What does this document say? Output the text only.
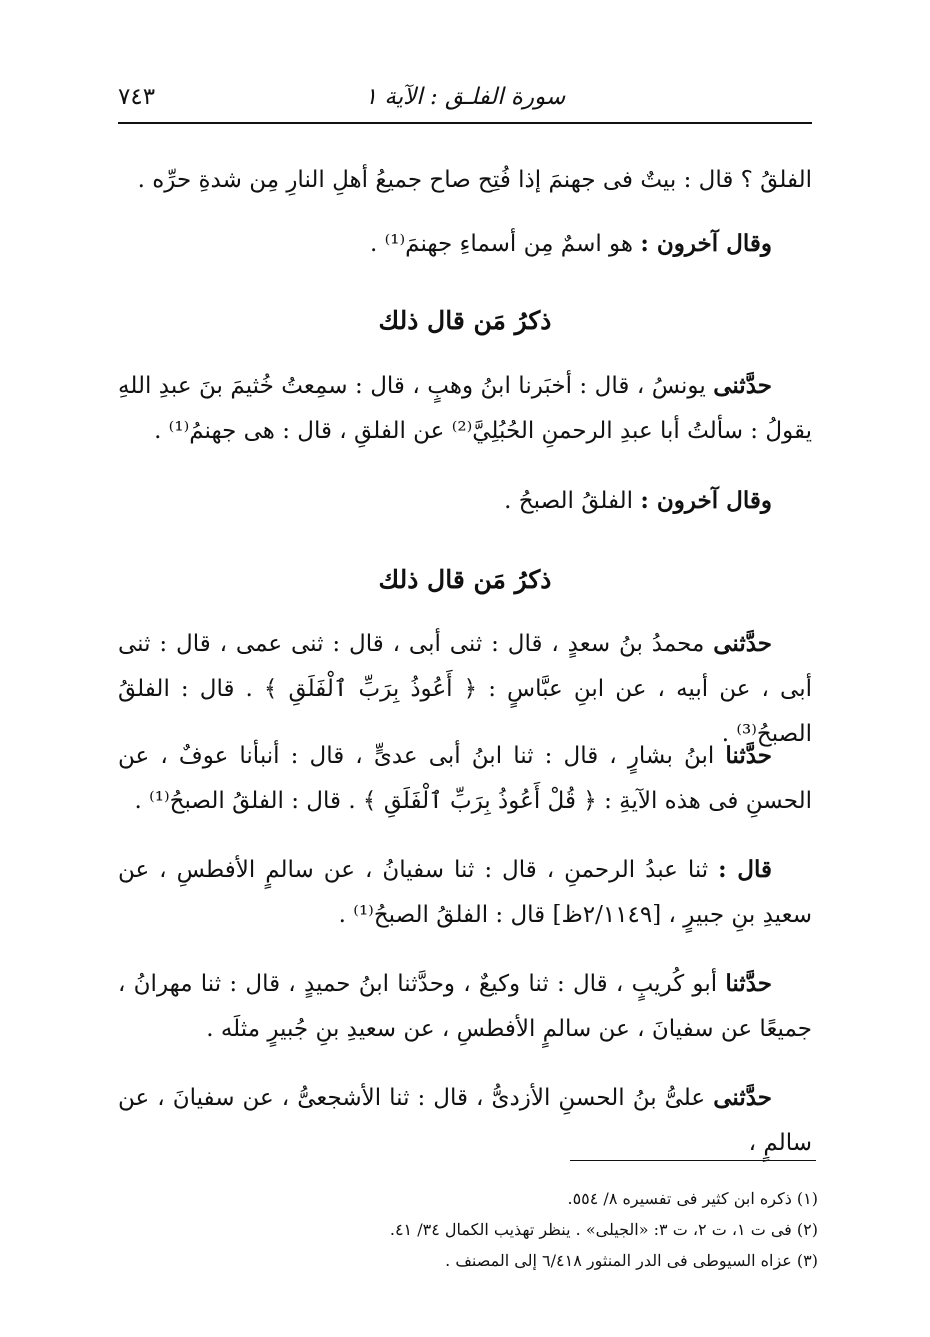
سورة الفلـق : الآية ١
٧٤٣

الفلقُ ؟ قال : بيتٌ فى جهنمَ إذا فُتِح صاح جميعُ أهلِ النارِ مِن شدةِ حرِّه .

وقال آخرون : هو اسمٌ مِن أسماءِ جهنمَ⁽¹⁾ .

ذكرُ مَن قال ذلك

حدَّثنى يونسُ ، قال : أخبَرنا ابنُ وهبٍ ، قال : سمِعتُ خُثيمَ بنَ عبدِ اللهِ يقولُ : سألتُ أبا عبدِ الرحمنِ الحُبُلِيَّ⁽²⁾ عن الفلقِ ، قال : هى جهنمُ⁽¹⁾ .

وقال آخرون : الفلقُ الصبحُ .

ذكرُ مَن قال ذلك

حدَّثنى محمدُ بنُ سعدٍ ، قال : ثنى أبى ، قال : ثنى عمى ، قال : ثنى أبى ، عن أبيه ، عن ابنِ عبَّاسٍ : ﴿ أَعُوذُ بِرَبِّ ٱلْفَلَقِ ﴾ . قال : الفلقُ الصبحُ⁽³⁾ .

حدَّثنا ابنُ بشارٍ ، قال : ثنا ابنُ أبى عدىٍّ ، قال : أنبأنا عوفٌ ، عن الحسنِ فى هذه الآيةِ : ﴿ قُلْ أَعُوذُ بِرَبِّ ٱلْفَلَقِ ﴾ . قال : الفلقُ الصبحُ⁽¹⁾ .

قال : ثنا عبدُ الرحمنِ ، قال : ثنا سفيانُ ، عن سالمٍ الأفطسِ ، عن سعيدِ بنِ جبيرٍ ، [٢/١١٤٩ظ] قال : الفلقُ الصبحُ⁽¹⁾ .

حدَّثنا أبو كُريبٍ ، قال : ثنا وكيعٌ ، وحدَّثنا ابنُ حميدٍ ، قال : ثنا مهرانُ ، جميعًا عن سفيانَ ، عن سالمٍ الأفطسِ ، عن سعيدِ بنِ جُبيرٍ مثلَه .

حدَّثنى علىُّ بنُ الحسنِ الأزدىُّ ، قال : ثنا الأشجعىُّ ، عن سفيانَ ، عن سالمٍ ،

(١) ذكره ابن كثير فى تفسيره ٨/ ٥٥٤.

(٢) فى ت ١، ت ٢، ت ٣: «الجيلى» . ينظر تهذيب الكمال ٣٤/ ٤١.

(٣) عزاه السيوطى فى الدر المنثور ٦/٤١٨ إلى المصنف .
